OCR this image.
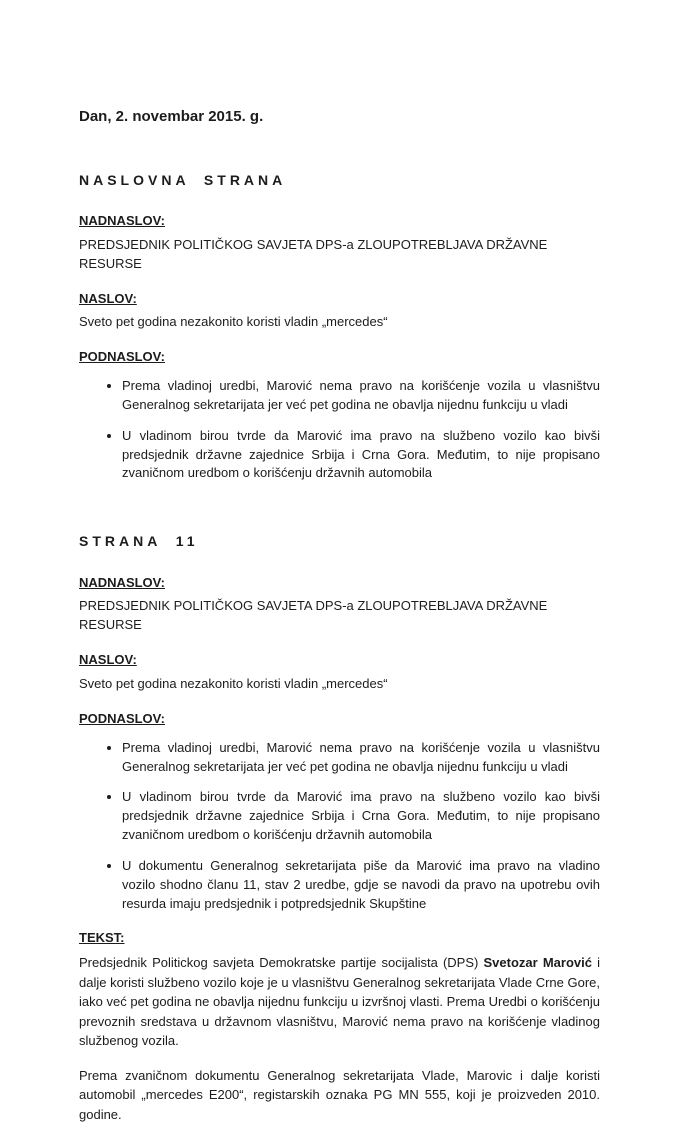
Dan, 2. novembar 2015. g.

NASLOVNA STRANA

NADNASLOV:

PREDSJEDNIK POLITIČKOG SAVJETA DPS-a ZLOUPOTREBLJAVA DRŽAVNE RESURSE

NASLOV:

Sveto pet godina nezakonito koristi vladin „mercedes“

PODNASLOV:

• Prema vladinoj uredbi, Marović nema pravo na korišćenje vozila u vlasništvu Generalnog sekretarijata jer već pet godina ne obavlja nijednu funkciju u vladi
• U vladinom birou tvrde da Marović ima pravo na službeno vozilo kao bivši predsjednik državne zajednice Srbija i Crna Gora. Međutim, to nije propisano zvaničnom uredbom o korišćenju državnih automobila

STRANA 11

NADNASLOV:

PREDSJEDNIK POLITIČKOG SAVJETA DPS-a ZLOUPOTREBLJAVA DRŽAVNE RESURSE

NASLOV:

Sveto pet godina nezakonito koristi vladin „mercedes“

PODNASLOV:

• Prema vladinoj uredbi, Marović nema pravo na korišćenje vozila u vlasništvu Generalnog sekretarijata jer već pet godina ne obavlja nijednu funkciju u vladi
• U vladinom birou tvrde da Marović ima pravo na službeno vozilo kao bivši predsjednik državne zajednice Srbija i Crna Gora. Međutim, to nije propisano zvaničnom uredbom o korišćenju državnih automobila
• U dokumentu Generalnog sekretarijata piše da Marović ima pravo na vladino vozilo shodno članu 11, stav 2 uredbe, gdje se navodi da pravo na upotrebu ovih resurda imaju predsjednik i potpredsjednik Skupštine

TEKST:

Predsjednik Politickog savjeta Demokratske partije socijalista (DPS) Svetozar Marović i dalje koristi službeno vozilo koje je u vlasništvu Generalnog sekretarijata Vlade Crne Gore, iako već pet godina ne obavlja nijednu funkciju u izvršnoj vlasti. Prema Uredbi o korišćenju prevoznih sredstava u državnom vlasništvu, Marović nema pravo na korišćenje vladinog službenog vozila.

Prema zvaničnom dokumentu Generalnog sekretarijata Vlade, Marovic i dalje koristi automobil „mercedes E200“, registarskih oznaka PG MN 555, koji je proizveden 2010. godine.
